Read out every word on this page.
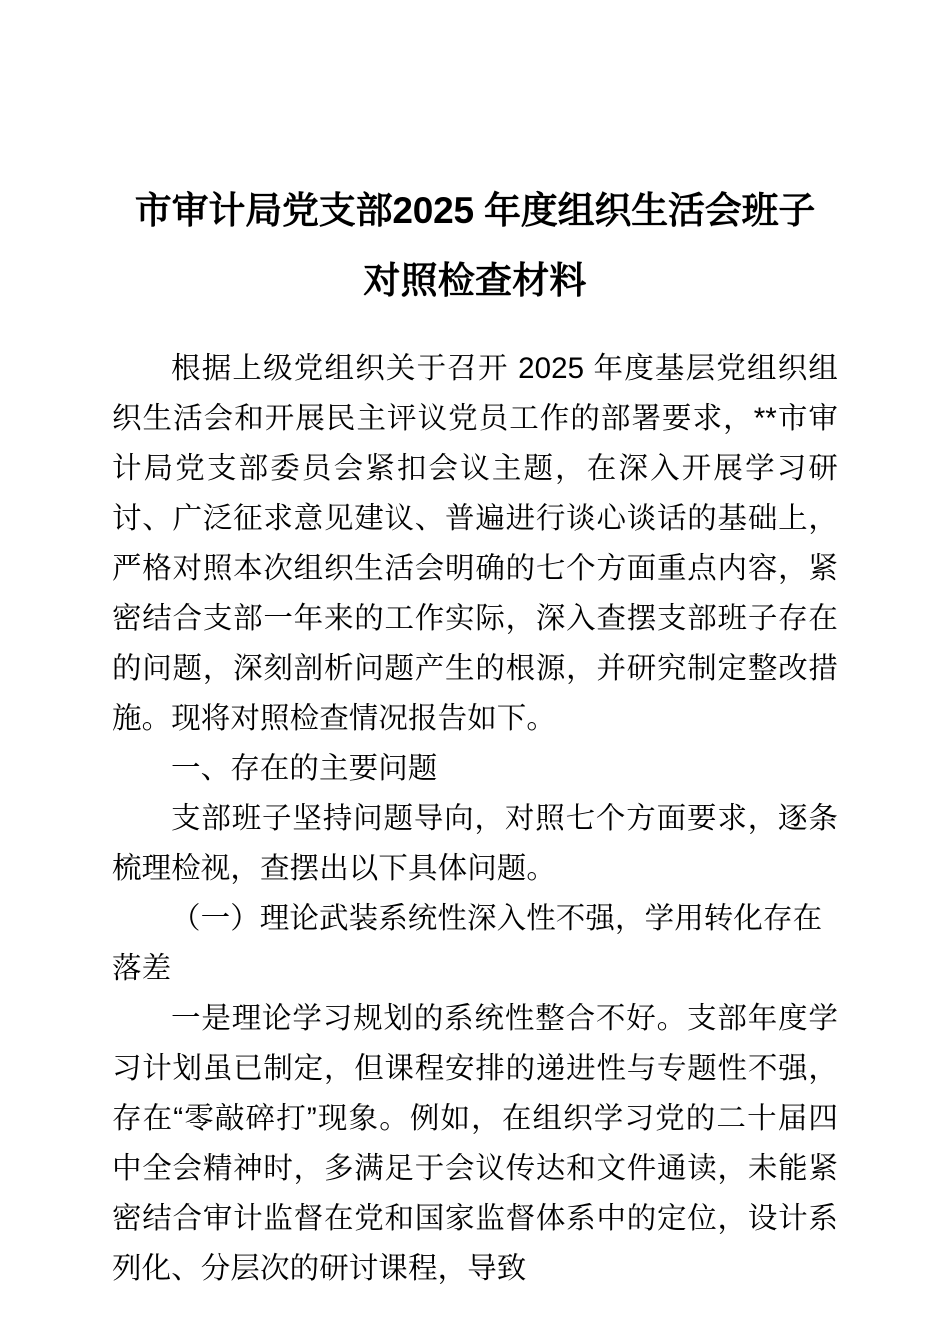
市审计局党支部2025 年度组织生活会班子
对照检查材料

根据上级党组织关于召开 2025 年度基层党组织组织生活会和开展民主评议党员工作的部署要求，**市审计局党支部委员会紧扣会议主题，在深入开展学习研讨、广泛征求意见建议、普遍进行谈心谈话的基础上，严格对照本次组织生活会明确的七个方面重点内容，紧密结合支部一年来的工作实际，深入查摆支部班子存在的问题，深刻剖析问题产生的根源，并研究制定整改措施。现将对照检查情况报告如下。

一、存在的主要问题

支部班子坚持问题导向，对照七个方面要求，逐条梳理检视，查摆出以下具体问题。

（一）理论武装系统性深入性不强，学用转化存在落差

一是理论学习规划的系统性整合不好。支部年度学习计划虽已制定，但课程安排的递进性与专题性不强，存在“零敲碎打”现象。例如，在组织学习党的二十届四中全会精神时，多满足于会议传达和文件通读，未能紧密结合审计监督在党和国家监督体系中的定位，设计系列化、分层次的研讨课程，导致
